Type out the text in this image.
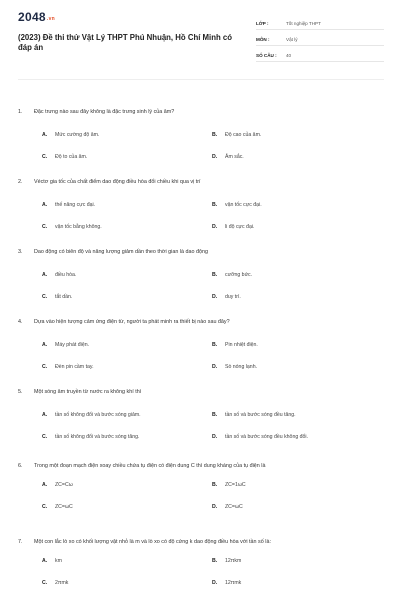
2048.vn
(2023) Đề thi thử Vật Lý THPT Phú Nhuận, Hồ Chí Minh có đáp án
LỚP :	Tốt nghiệp THPT
MÔN :	Vật lý
SỐ CÂU :	40
1.	Đặc trưng nào sau đây không là đặc trưng sinh lý của âm?
A.	Mức cường độ âm.	B.	Độ cao của âm.
C.	Độ to của âm.	D.	Âm sắc.
2.	Véctơ gia tốc của chất điểm dao động điều hòa đổi chiều khi qua vị trí
A.	thế năng cực đại.	B.	vận tốc cực đại.
C.	vận tốc bằng không.	D.	li độ cực đại.
3.	Dao động có biên độ và năng lượng giảm dần theo thời gian là dao động
A.	điều hòa.	B.	cưỡng bức.
C.	tắt dần.	D.	duy trì.
4.	Dựa vào hiện tượng cảm ứng điện từ, người ta phát minh ra thiết bị nào sau đây?
A.	Máy phát điện.	B.	Pin nhiệt điện.
C.	Đèn pin cầm tay.	D.	Sò nóng lạnh.
5.	Một sóng âm truyền từ nước ra không khí thì
A.	tần số không đổi và bước sóng giảm.	B.	tần số và bước sóng đều tăng.
C.	tần số không đổi và bước sóng tăng.	D.	tần số và bước sóng đều không đổi.
6.	Trong một đoạn mạch điện xoay chiều chứa tụ điện có điện dung C thì dung kháng của tụ điện là
A.	ZC=Cω	B.	ZC=1ωC
C.	ZC=ωC	D.	ZC=ωC
7.	Một con lắc lò xo có khối lượng vật nhỏ là m và lò xo có độ cứng k dao động điều hòa với tần số là:
A.	km	B.	12πkm
C.	2πmk	D.	12πmk
